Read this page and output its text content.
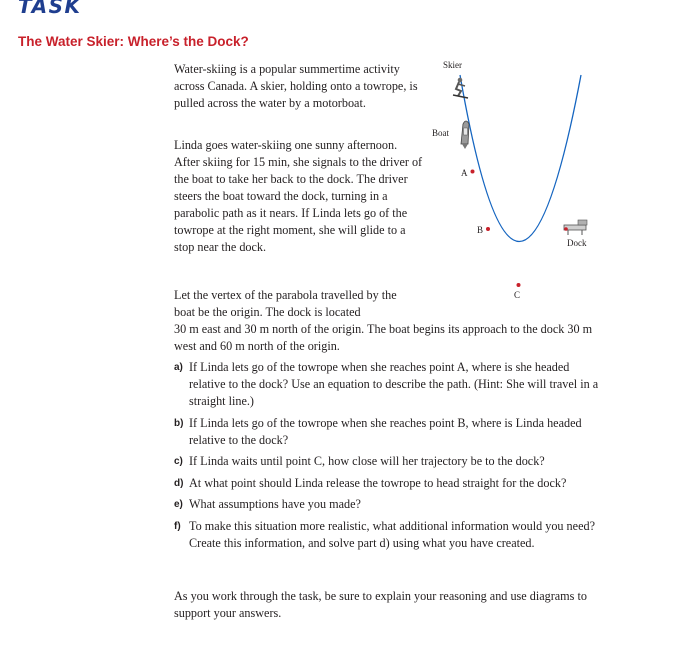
TASK
The Water Skier: Where’s the Dock?
Water-skiing is a popular summertime activity across Canada. A skier, holding onto a towrope, is pulled across the water by a motorboat.
Linda goes water-skiing one sunny afternoon. After skiing for 15 min, she signals to the driver of the boat to take her back to the dock. The driver steers the boat toward the dock, turning in a parabolic path as it nears. If Linda lets go of the towrope at the right moment, she will glide to a stop near the dock.
Let the vertex of the parabola travelled by the boat be the origin. The dock is located
30 m east and 30 m north of the origin. The boat begins its approach to the dock 30 m west and 60 m north of the origin.
Skier
Boat
A
B
C
Dock
a) If Linda lets go of the towrope when she reaches point A, where is she headed relative to the dock? Use an equation to describe the path. (Hint: She will travel in a straight line.)
b) If Linda lets go of the towrope when she reaches point B, where is Linda headed relative to the dock?
c) If Linda waits until point C, how close will her trajectory be to the dock?
d) At what point should Linda release the towrope to head straight for the dock?
e) What assumptions have you made?
f) To make this situation more realistic, what additional information would you need? Create this information, and solve part d) using what you have created.
As you work through the task, be sure to explain your reasoning and use diagrams to support your answers.
